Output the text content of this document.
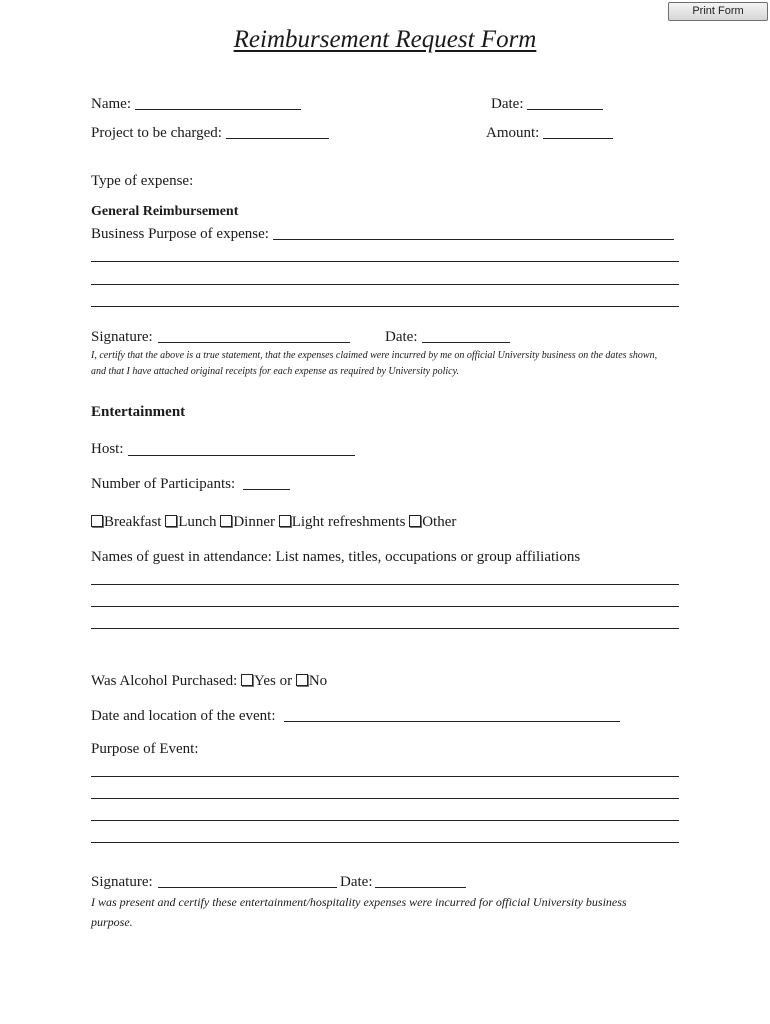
Print Form
Reimbursement Request Form
Name:	Date:
Project to be charged:	Amount:
Type of expense:
General Reimbursement
Business Purpose of expense:
Signature:	Date:
I, certify that the above is a true statement, that the expenses claimed were incurred by me on official University business on the dates shown,
and that I have attached original receipts for each expense as required by University policy.
Entertainment
Host:
Number of Participants:
Breakfast Lunch Dinner Light refreshments Other
Names of guest in attendance: List names, titles, occupations or group affiliations
Was Alcohol Purchased: Yes or No
Date and location of the event:
Purpose of Event:
Signature:	Date:
I was present and certify these entertainment/hospitality expenses were incurred for official University business
purpose.
